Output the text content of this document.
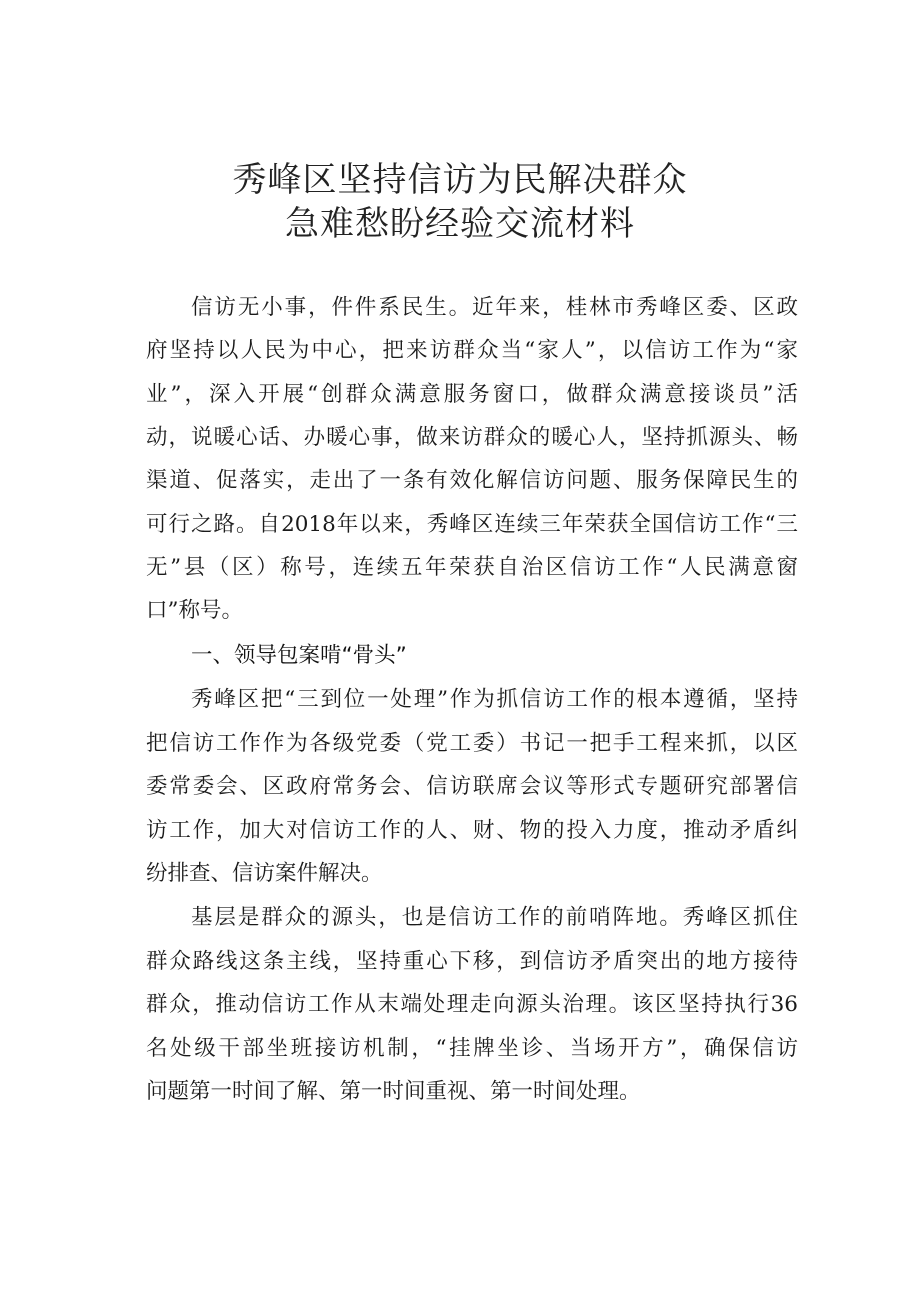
秀峰区坚持信访为民解决群众
急难愁盼经验交流材料
信访无小事，件件系民生。近年来，桂林市秀峰区委、区政
府坚持以人民为中心，把来访群众当“家人”，以信访工作为“家
业”，深入开展“创群众满意服务窗口，做群众满意接谈员”活
动，说暖心话、办暖心事，做来访群众的暖心人，坚持抓源头、畅
渠道、促落实，走出了一条有效化解信访问题、服务保障民生的
可行之路。自2018年以来，秀峰区连续三年荣获全国信访工作“三
无”县（区）称号，连续五年荣获自治区信访工作“人民满意窗
口”称号。
一、领导包案啃“骨头”
秀峰区把“三到位一处理”作为抓信访工作的根本遵循，坚持
把信访工作作为各级党委（党工委）书记一把手工程来抓，以区
委常委会、区政府常务会、信访联席会议等形式专题研究部署信
访工作，加大对信访工作的人、财、物的投入力度，推动矛盾纠
纷排查、信访案件解决。
基层是群众的源头，也是信访工作的前哨阵地。秀峰区抓住
群众路线这条主线，坚持重心下移，到信访矛盾突出的地方接待
群众，推动信访工作从末端处理走向源头治理。该区坚持执行36
名处级干部坐班接访机制，“挂牌坐诊、当场开方”，确保信访
问题第一时间了解、第一时间重视、第一时间处理。
